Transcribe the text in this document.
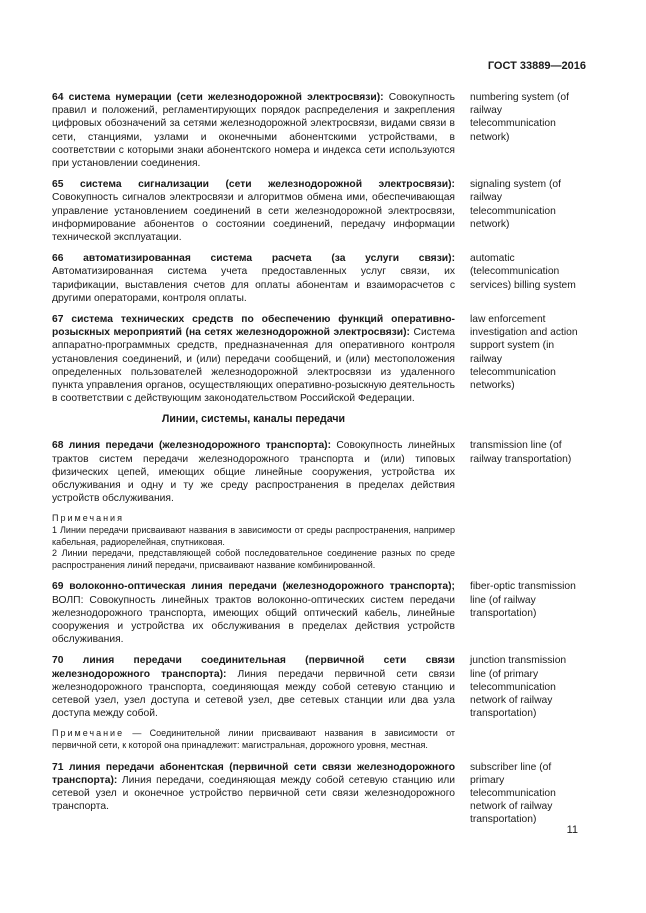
ГОСТ 33889—2016
64 система нумерации (сети железнодорожной электросвязи): Совокупность правил и положений, регламентирующих порядок распределения и закрепления цифровых обозначений за сетями железнодорожной электросвязи, видами связи в сети, станциями, узлами и оконечными абонентскими устройствами, в соответствии с которыми знаки абонентского номера и индекса сети используются при установлении соединения.
numbering system (of railway telecommunication network)
65 система сигнализации (сети железнодорожной электросвязи): Совокупность сигналов электросвязи и алгоритмов обмена ими, обеспечивающая управление установлением соединений в сети железнодорожной электросвязи, информирование абонентов о состоянии соединений, передачу информации технической эксплуатации.
signaling system (of railway telecommunication network)
66 автоматизированная система расчета (за услуги связи): Автоматизированная система учета предоставленных услуг связи, их тарификации, выставления счетов для оплаты абонентам и взаиморасчетов с другими операторами, контроля оплаты.
automatic (telecommunication services) billing system
67 система технических средств по обеспечению функций оперативно-розыскных мероприятий (на сетях железнодорожной электросвязи): Система аппаратно-программных средств, предназначенная для оперативного контроля установления соединений, и (или) передачи сообщений, и (или) местоположения определенных пользователей железнодорожной электросвязи из удаленного пункта управления органов, осуществляющих оперативно-розыскную деятельность в соответствии с действующим законодательством Российской Федерации.
law enforcement investigation and action support system (in railway telecommunication networks)
Линии, системы, каналы передачи
68 линия передачи (железнодорожного транспорта): Совокупность линейных трактов систем передачи железнодорожного транспорта и (или) типовых физических цепей, имеющих общие линейные сооружения, устройства их обслуживания и одну и ту же среду распространения в пределах действия устройств обслуживания.
transmission line (of railway transportation)

Примечания

1 Линии передачи присваивают названия в зависимости от среды распространения, например кабельная, радиорелейная, спутниковая.

2 Линии передачи, представляющей собой последовательное соединение разных по среде распространения линий передачи, присваивают название комбинированной.

69 волоконно-оптическая линия передачи (железнодорожного транспорта); ВОЛП: Совокупность линейных трактов волоконно-оптических систем передачи железнодорожного транспорта, имеющих общий оптический кабель, линейные сооружения и устройства их обслуживания в пределах действия устройств обслуживания.
fiber-optic transmission line (of railway transportation)
70 линия передачи соединительная (первичной сети связи железнодорожного транспорта): Линия передачи первичной сети связи железнодорожного транспорта, соединяющая между собой сетевую станцию и сетевой узел, узел доступа и сетевой узел, две сетевых станции или два узла доступа между собой.
junction transmission line (of primary telecommunication network of railway transportation)

Примечание — Соединительной линии присваивают названия в зависимости от первичной сети, к которой она принадлежит: магистральная, дорожного уровня, местная.

71 линия передачи абонентская (первичной сети связи железнодорожного транспорта): Линия передачи, соединяющая между собой сетевую станцию или сетевой узел и оконечное устройство первичной сети связи железнодорожного транспорта.
subscriber line (of primary telecommunication network of railway transportation)
11
